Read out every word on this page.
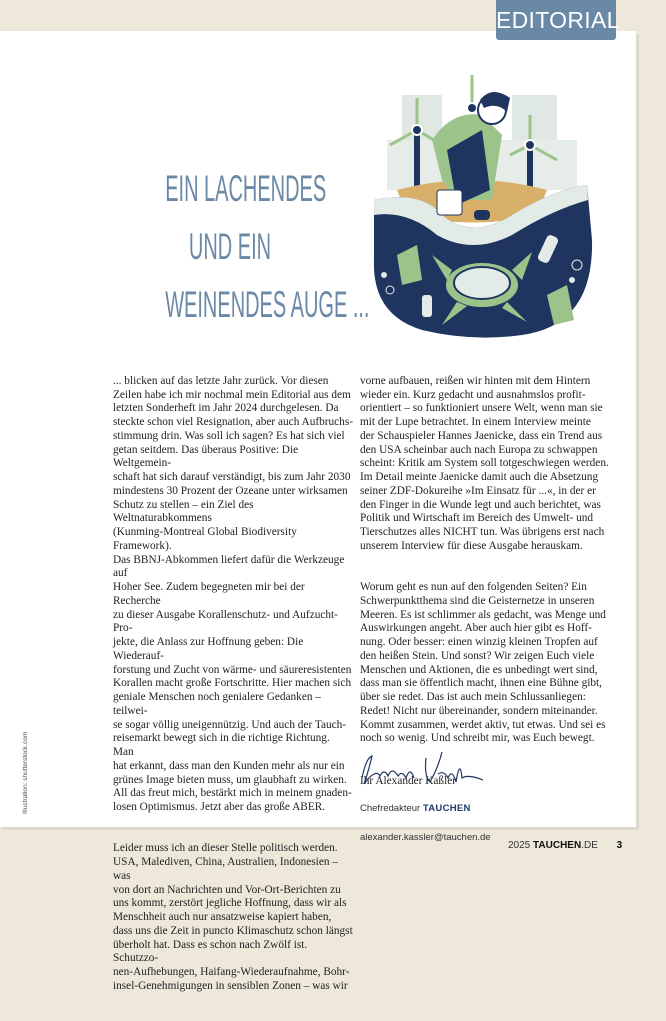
EDITORIAL
EIN LACHENDES
UND EIN
WEINENDES AUGE ...

... blicken auf das letzte Jahr zurück. Vor diesen
Zeilen habe ich mir nochmal mein Editorial aus dem
letzten Sonderheft im Jahr 2024 durchgelesen. Da
steckte schon viel Resignation, aber auch Aufbruchs-
stimmung drin. Was soll ich sagen? Es hat sich viel
getan seitdem. Das überaus Positive: Die Weltgemein-
schaft hat sich darauf verständigt, bis zum Jahr 2030
mindestens 30 Prozent der Ozeane unter wirksamen
Schutz zu stellen – ein Ziel des Weltnaturabkommens
(Kunming-Montreal Global Biodiversity Framework).
Das BBNJ-Abkommen liefert dafür die Werkzeuge auf
Hoher See. Zudem begegneten mir bei der Recherche
zu dieser Ausgabe Korallenschutz- und Aufzucht-Pro-
jekte, die Anlass zur Hoffnung geben: Die Wiederauf-
forstung und Zucht von wärme- und säureresistenten
Korallen macht große Fortschritte. Hier machen sich
geniale Menschen noch genialere Gedanken – teilwei-
se sogar völlig uneigennützig. Und auch der Tauch-
reisemarkt bewegt sich in die richtige Richtung. Man
hat erkannt, dass man den Kunden mehr als nur ein
grünes Image bieten muss, um glaubhaft zu wirken.
All das freut mich, bestärkt mich in meinem gnaden-
losen Optimismus. Jetzt aber das große ABER.

Leider muss ich an dieser Stelle politisch werden.
USA, Malediven, China, Australien, Indonesien – was
von dort an Nachrichten und Vor-Ort-Berichten zu
uns kommt, zerstört jegliche Hoffnung, dass wir als
Menschheit auch nur ansatzweise kapiert haben,
dass uns die Zeit in puncto Klimaschutz schon längst
überholt hat. Dass es schon nach Zwölf ist. Schutzzo-
nen-Aufhebungen, Haifang-Wiederaufnahme, Bohr-
insel-Genehmigungen in sensiblen Zonen – was wir

vorne aufbauen, reißen wir hinten mit dem Hintern
wieder ein. Kurz gedacht und ausnahmslos profit-
orientiert – so funktioniert unsere Welt, wenn man sie
mit der Lupe betrachtet. In einem Interview meinte
der Schauspieler Hannes Jaenicke, dass ein Trend aus
den USA scheinbar auch nach Europa zu schwappen
scheint: Kritik am System soll totgeschwiegen werden.
Im Detail meinte Jaenicke damit auch die Absetzung
seiner ZDF-Dokureihe »Im Einsatz für ...«, in der er
den Finger in die Wunde legt und auch berichtet, was
Politik und Wirtschaft im Bereich des Umwelt- und
Tierschutzes alles NICHT tun. Was übrigens erst nach
unserem Interview für diese Ausgabe herauskam.

Worum geht es nun auf den folgenden Seiten? Ein
Schwerpunktthema sind die Geisternetze in unseren
Meeren. Es ist schlimmer als gedacht, was Menge und
Auswirkungen angeht. Aber auch hier gibt es Hoff-
nung. Oder besser: einen winzig kleinen Tropfen auf
den heißen Stein. Und sonst? Wir zeigen Euch viele
Menschen und Aktionen, die es unbedingt wert sind,
dass man sie öffentlich macht, ihnen eine Bühne gibt,
über sie redet. Das ist auch mein Schlussanliegen:
Redet! Nicht nur übereinander, sondern miteinander.
Kommt zusammen, werdet aktiv, tut etwas. Und sei es
noch so wenig. Und schreibt mir, was Euch bewegt.

Ihr Alexander Kaßler

Chefredakteur TAUCHEN

alexander.kassler@tauchen.de

Illustration: shutterstock.com
2025 TAUCHEN.DE 3
